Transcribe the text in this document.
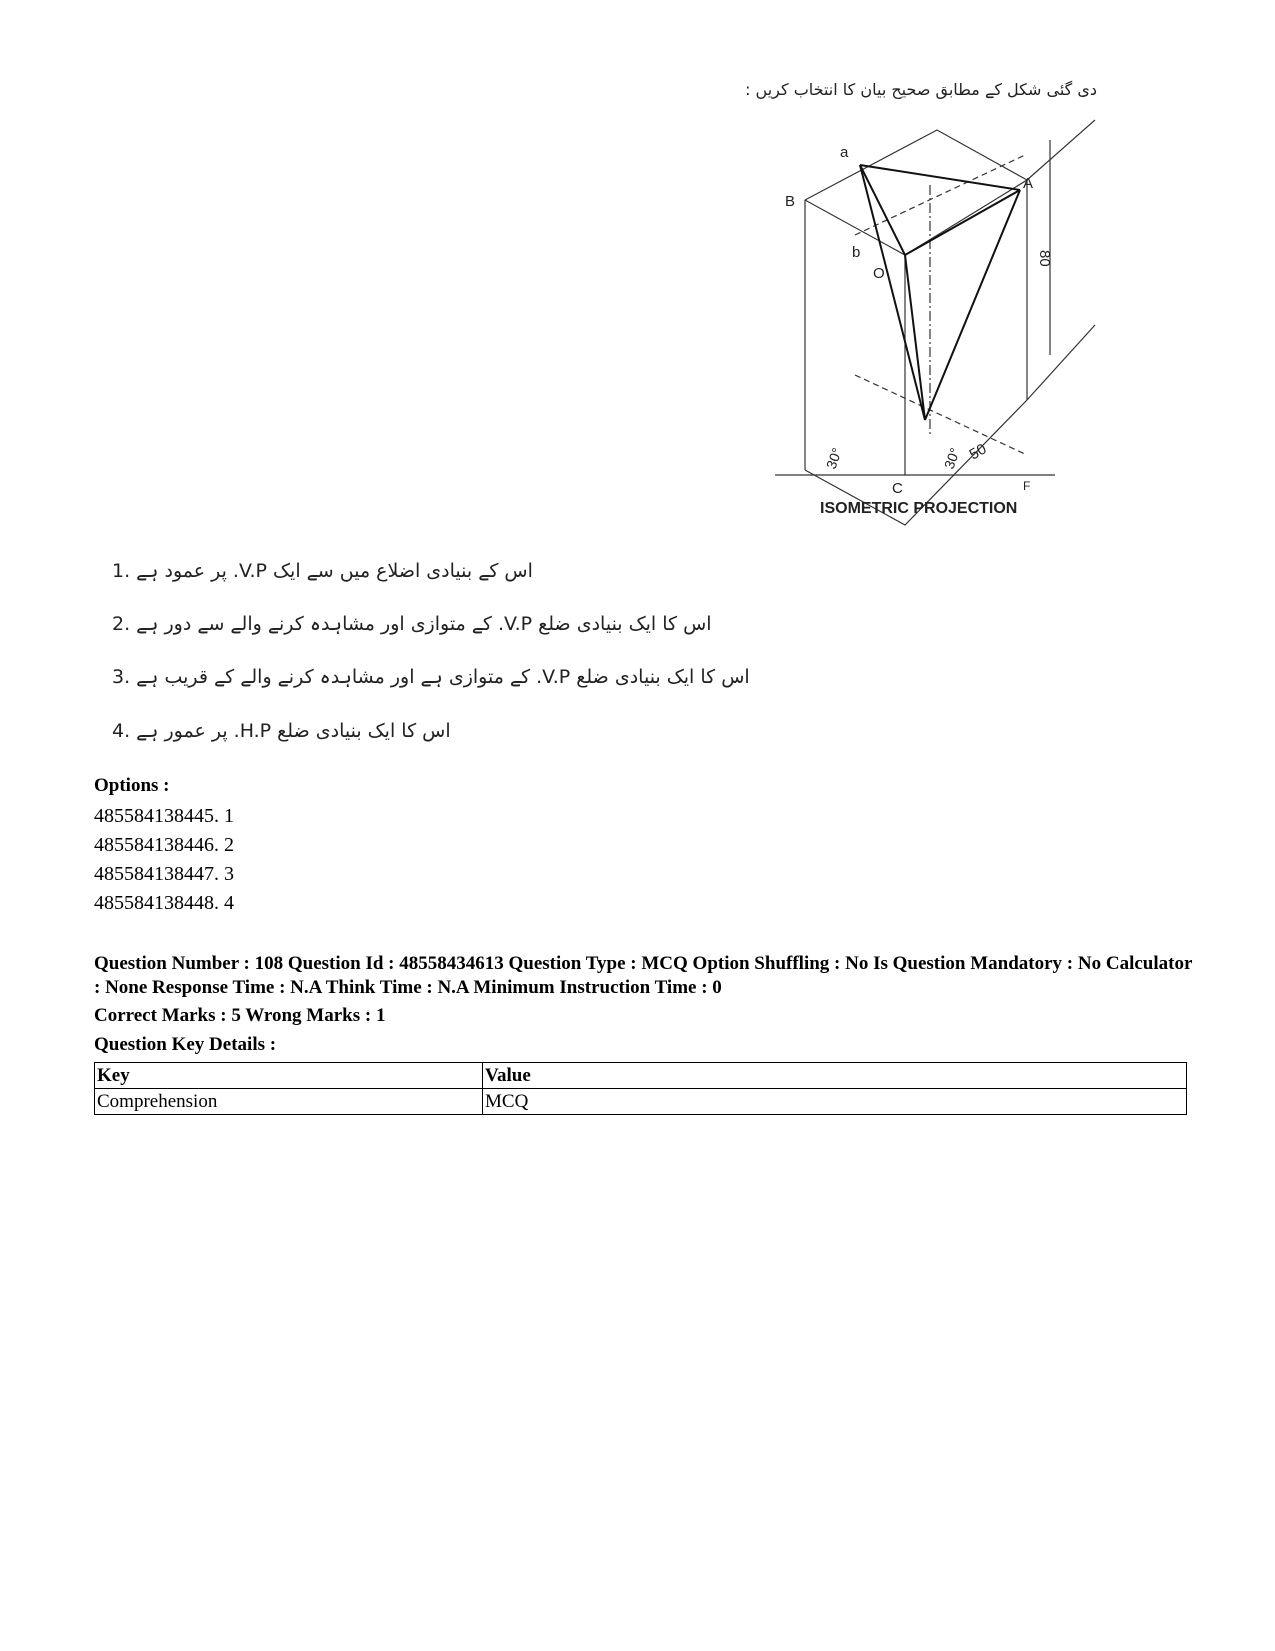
دی گئی شکل کے مطابق صحیح بیان کا انتخاب کریں :
a
b
O
A
B
C	F
80
30°	30° 50
ISOMETRIC PROJECTION
اس کے بنیادی اضلاع میں سے ایک V.P. پر عمود ہے .1
اس کا ایک بنیادی ضلع V.P. کے متوازی اور مشاہدہ کرنے والے سے دور ہے .2
اس کا ایک بنیادی ضلع V.P. کے متوازی ہے اور مشاہدہ کرنے والے کے قریب ہے .3
اس کا ایک بنیادی ضلع H.P. پر عمور ہے .4
Options :
485584138445. 1
485584138446. 2
485584138447. 3
485584138448. 4
Question Number : 108 Question Id : 48558434613 Question Type : MCQ Option Shuffling : No Is Question Mandatory : No Calculator : None Response Time : N.A Think Time : N.A Minimum Instruction Time : 0
Correct Marks : 5 Wrong Marks : 1
Question Key Details :
Key	Value
Comprehension	MCQ
